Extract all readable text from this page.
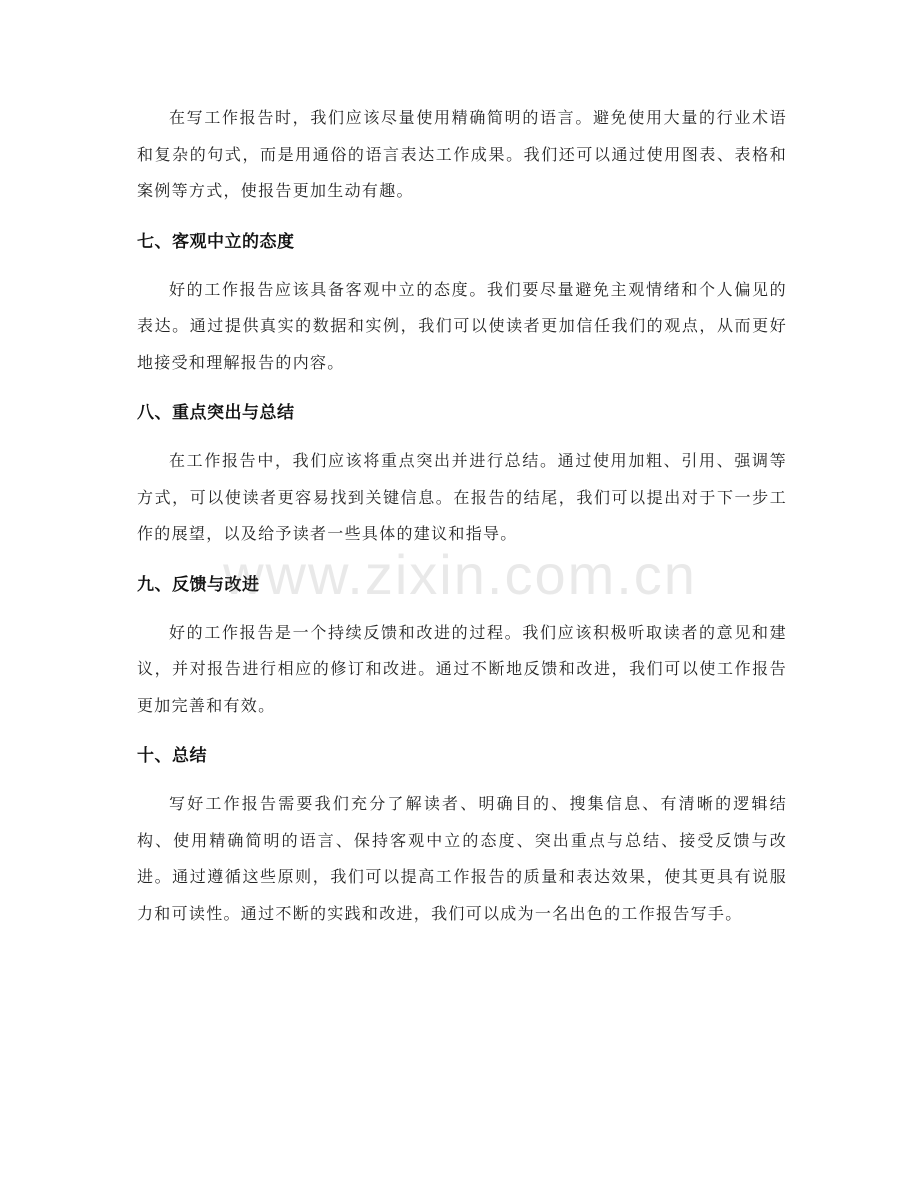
在写工作报告时，我们应该尽量使用精确简明的语言。避免使用大量的行业术语和复杂的句式，而是用通俗的语言表达工作成果。我们还可以通过使用图表、表格和案例等方式，使报告更加生动有趣。

七、客观中立的态度

好的工作报告应该具备客观中立的态度。我们要尽量避免主观情绪和个人偏见的表达。通过提供真实的数据和实例，我们可以使读者更加信任我们的观点，从而更好地接受和理解报告的内容。

八、重点突出与总结

在工作报告中，我们应该将重点突出并进行总结。通过使用加粗、引用、强调等方式，可以使读者更容易找到关键信息。在报告的结尾，我们可以提出对于下一步工作的展望，以及给予读者一些具体的建议和指导。

九、反馈与改进

好的工作报告是一个持续反馈和改进的过程。我们应该积极听取读者的意见和建议，并对报告进行相应的修订和改进。通过不断地反馈和改进，我们可以使工作报告更加完善和有效。

十、总结

写好工作报告需要我们充分了解读者、明确目的、搜集信息、有清晰的逻辑结构、使用精确简明的语言、保持客观中立的态度、突出重点与总结、接受反馈与改进。通过遵循这些原则，我们可以提高工作报告的质量和表达效果，使其更具有说服力和可读性。通过不断的实践和改进，我们可以成为一名出色的工作报告写手。

www.zixin.com.cn
